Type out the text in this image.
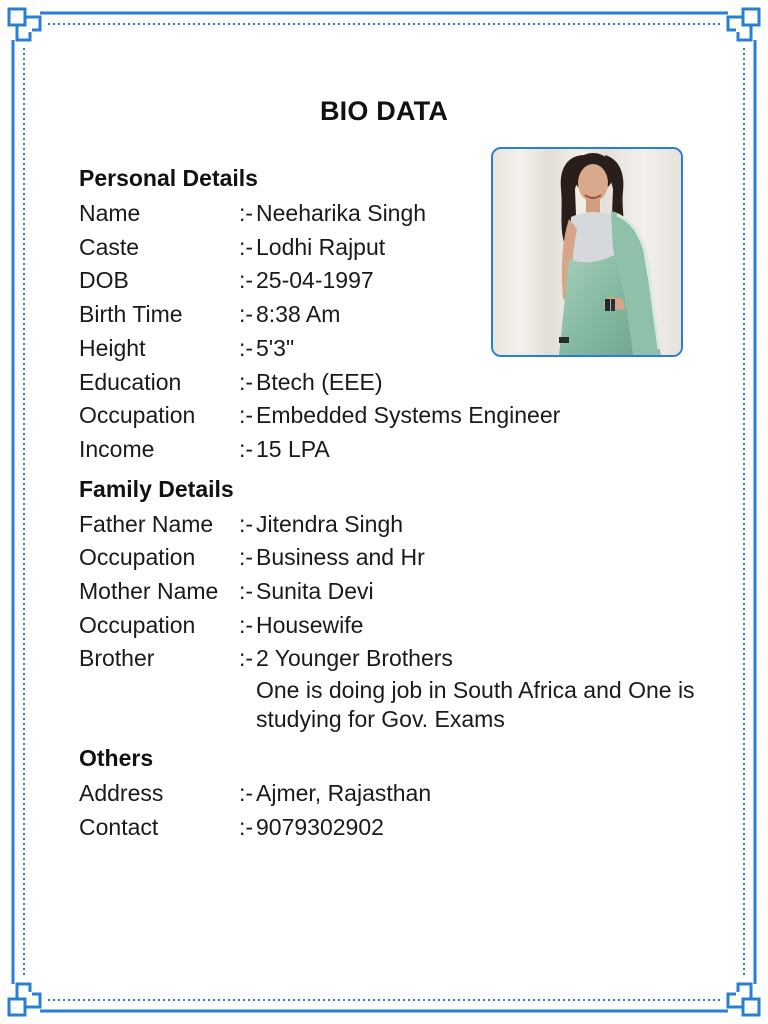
BIO DATA
Personal Details
Name	:- Neeharika Singh
Caste	:- Lodhi Rajput
DOB	:- 25-04-1997
Birth Time	:- 8:38 Am
Height	:- 5'3"
Education	:- Btech (EEE)
Occupation	:- Embedded Systems Engineer
Income	:- 15 LPA
Family Details
Father Name	:- Jitendra Singh
Occupation	:- Business and Hr
Mother Name :- Sunita Devi
Occupation	:- Housewife
Brother	:- 2 Younger Brothers
One is doing job in South Africa and One is
studying for Gov. Exams
Others
Address	:- Ajmer, Rajasthan
Contact	:- 9079302902
